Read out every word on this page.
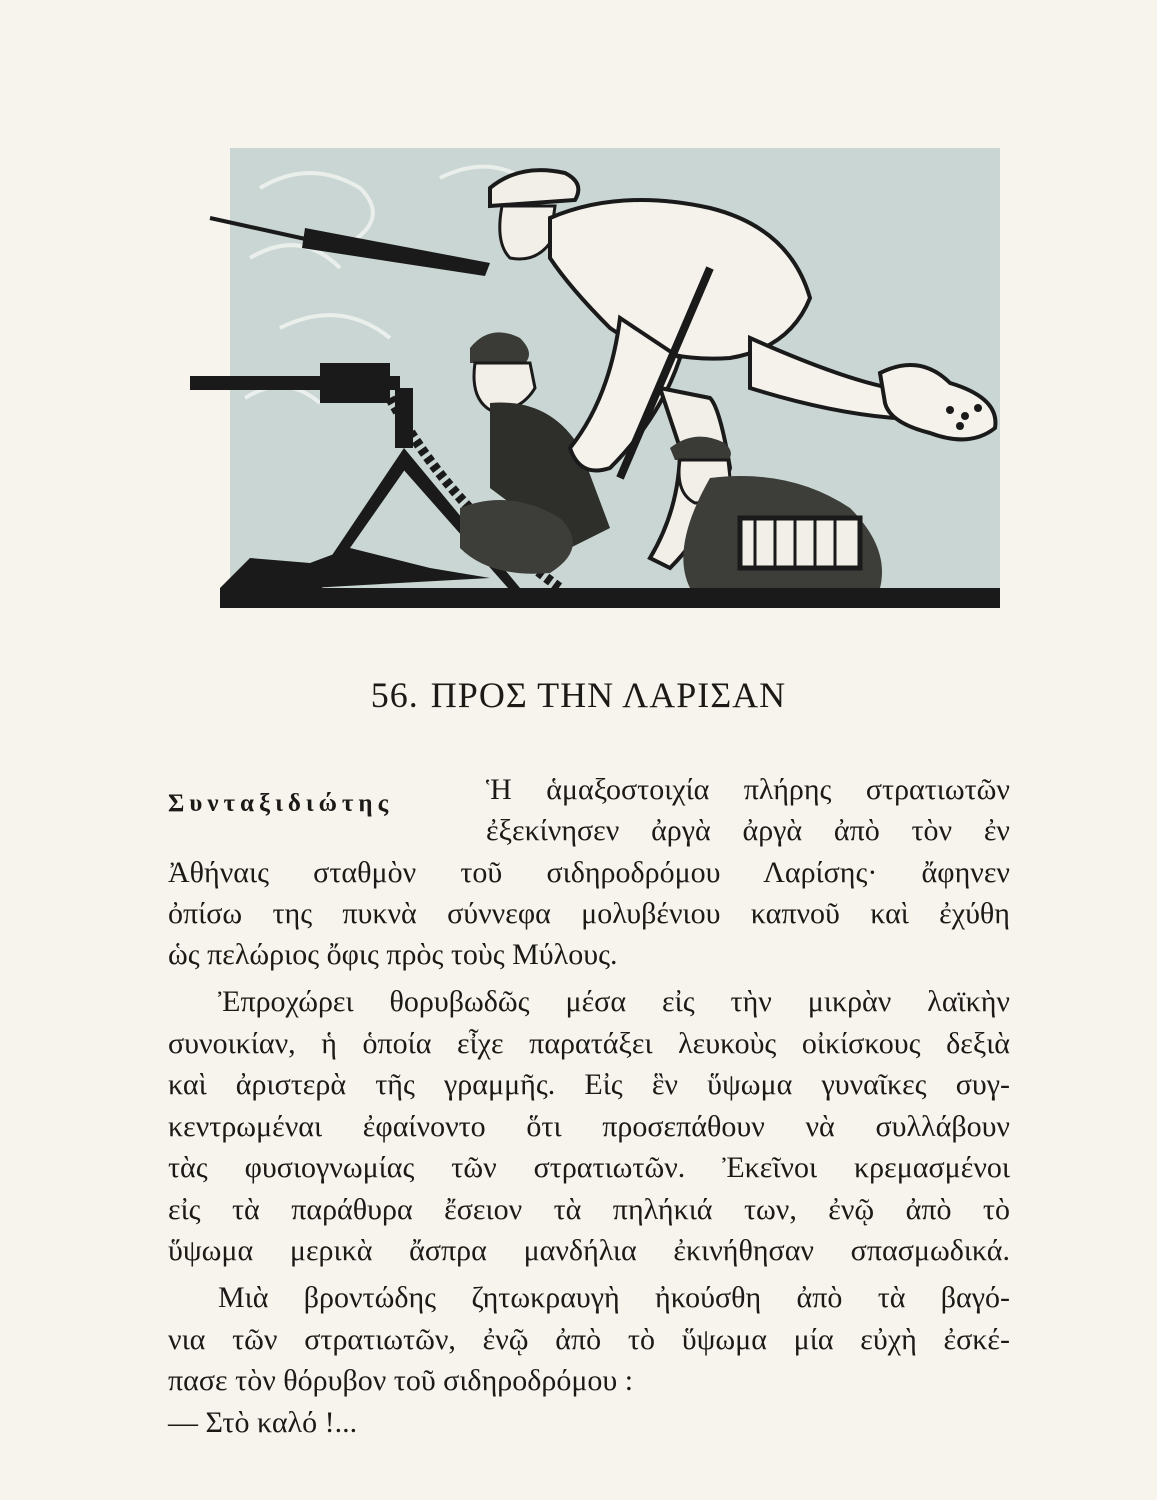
56. ΠΡΟΣ ΤΗΝ ΛΑΡΙΣΑΝ
Συνταξιδιώτης	Ἡ ἁμαξοστοιχία πλήρης στρατιωτῶν
ἐξεκίνησεν ἀργὰ ἀργὰ ἀπὸ τὸν ἐν
Ἀθήναις σταθμὸν τοῦ σιδηροδρόμου Λαρίσης· ἄφηνεν
ὀπίσω της πυκνὰ σύννεφα μολυβένιου καπνοῦ καὶ ἐχύθη
ὡς πελώριος ὄφις πρὸς τοὺς Μύλους.
Ἐπροχώρει θορυβωδῶς μέσα εἰς τὴν μικρὰν λαϊκὴν
συνοικίαν, ἡ ὁποία εἶχε παρατάξει λευκοὺς οἰκίσκους δεξιὰ
καὶ ἀριστερὰ τῆς γραμμῆς. Εἰς ἓν ὕψωμα γυναῖκες συγ-
κεντρωμέναι ἐφαίνοντο ὅτι προσεπάθουν νὰ συλλάβουν
τὰς φυσιογνωμίας τῶν στρατιωτῶν. Ἐκεῖνοι κρεμασμένοι
εἰς τὰ παράθυρα ἔσειον τὰ πηλήκιά των, ἐνῷ ἀπὸ τὸ
ὕψωμα μερικὰ ἄσπρα μανδήλια ἐκινήθησαν σπασμωδικά.
Μιὰ βροντώδης ζητωκραυγὴ ἠκούσθη ἀπὸ τὰ βαγό-
νια τῶν στρατιωτῶν, ἐνῷ ἀπὸ τὸ ὕψωμα μία εὐχὴ ἐσκέ-
πασε τὸν θόρυβον τοῦ σιδηροδρόμου :
— Στὸ καλό !...
